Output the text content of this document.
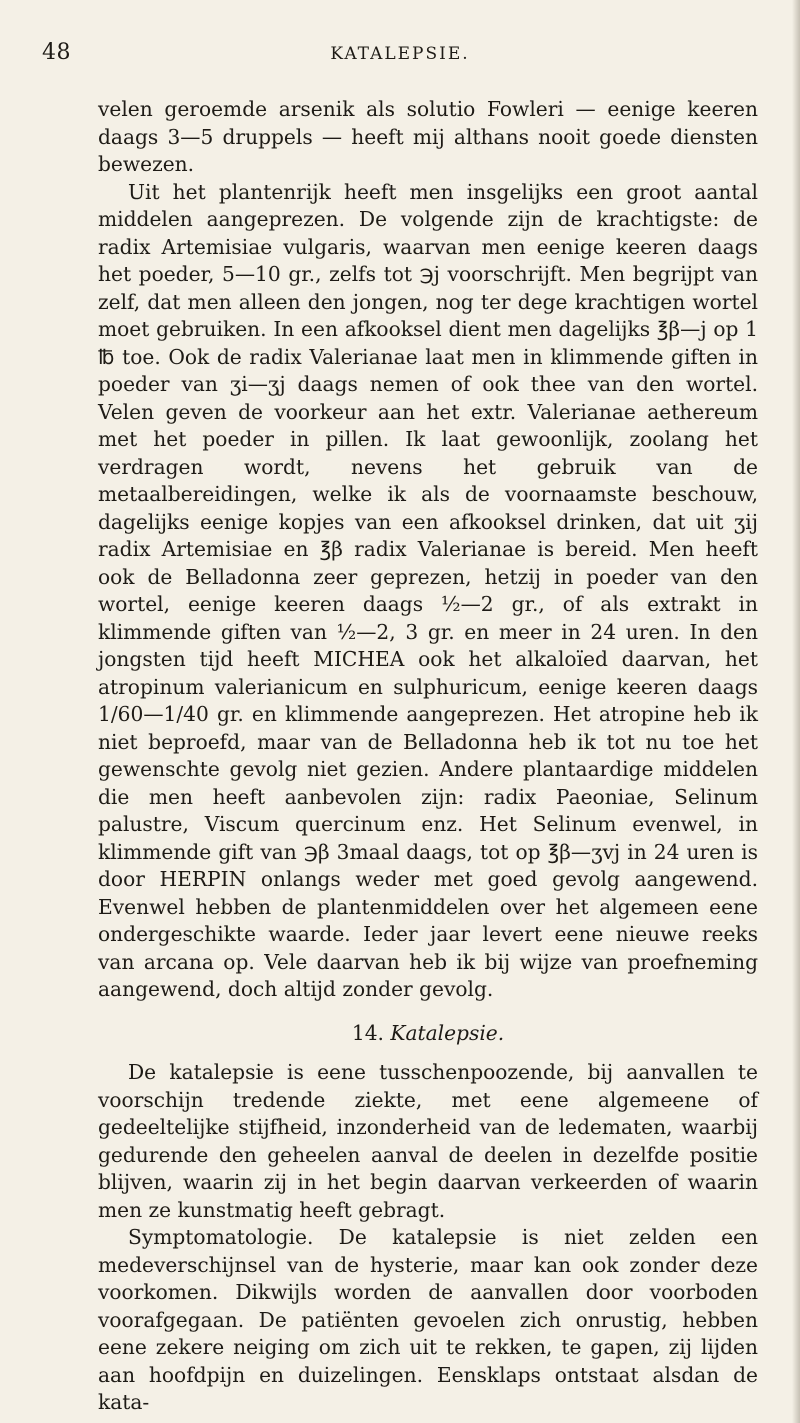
48	KATALEPSIE.

velen geroemde arsenik als solutio Fowleri — eenige keeren daags 3—5 druppels — heeft mij althans nooit goede diensten bewezen.

Uit het plantenrijk heeft men insgelijks een groot aantal middelen aangeprezen. De volgende zijn de krachtigste: de radix Artemisiae vulgaris, waarvan men eenige keeren daags het poeder, 5—10 gr., zelfs tot ℈j voorschrijft. Men begrijpt van zelf, dat men alleen den jongen, nog ter dege krachtigen wortel moet gebruiken. In een afkooksel dient men dagelijks ℥β—j op 1 ℔ toe. Ook de radix Valerianae laat men in klimmende giften in poeder van ʒi—ʒj daags nemen of ook thee van den wortel. Velen geven de voorkeur aan het extr. Valerianae aethereum met het poeder in pillen. Ik laat gewoonlijk, zoolang het verdragen wordt, nevens het gebruik van de metaalbereidingen, welke ik als de voornaamste beschouw, dagelijks eenige kopjes van een afkooksel drinken, dat uit ʒij radix Artemisiae en ℥β radix Valerianae is bereid. Men heeft ook de Belladonna zeer geprezen, hetzij in poeder van den wortel, eenige keeren daags ½—2 gr., of als extrakt in klimmende giften van ½—2, 3 gr. en meer in 24 uren. In den jongsten tijd heeft MICHEA ook het alkaloïed daarvan, het atropinum valerianicum en sulphuricum, eenige keeren daags 1/60—1/40 gr. en klimmende aangeprezen. Het atropine heb ik niet beproefd, maar van de Belladonna heb ik tot nu toe het gewenschte gevolg niet gezien. Andere plantaardige middelen die men heeft aanbevolen zijn: radix Paeoniae, Selinum palustre, Viscum quercinum enz. Het Selinum evenwel, in klimmende gift van ℈β 3maal daags, tot op ℥β—ʒvj in 24 uren is door HERPIN onlangs weder met goed gevolg aangewend. Evenwel hebben de plantenmiddelen over het algemeen eene ondergeschikte waarde. Ieder jaar levert eene nieuwe reeks van arcana op. Vele daarvan heb ik bij wijze van proefneming aangewend, doch altijd zonder gevolg.

14. Katalepsie.

De katalepsie is eene tusschenpoozende, bij aanvallen te voorschijn tredende ziekte, met eene algemeene of gedeeltelijke stijfheid, inzonderheid van de ledematen, waarbij gedurende den geheelen aanval de deelen in dezelfde positie blijven, waarin zij in het begin daarvan verkeerden of waarin men ze kunstmatig heeft gebragt.

Symptomatologie. De katalepsie is niet zelden een medeverschijnsel van de hysterie, maar kan ook zonder deze voorkomen. Dikwijls worden de aanvallen door voorboden voorafgegaan. De patiënten gevoelen zich onrustig, hebben eene zekere neiging om zich uit te rekken, te gapen, zij lijden aan hoofdpijn en duizelingen. Eensklaps ontstaat alsdan de kata-
